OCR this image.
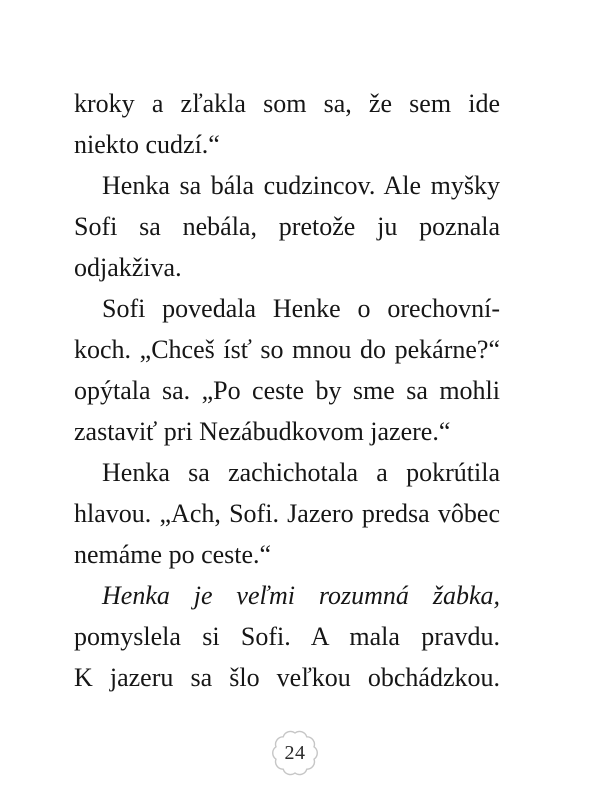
kroky a zľakla som sa, že sem ide
niekto cudzí.“
Henka sa bála cudzincov. Ale myšky
Sofi sa nebála, pretože ju poznala
odjakživa.
Sofi povedala Henke o orechovní-
koch. „Chceš ísť so mnou do pekárne?“
opýtala sa. „Po ceste by sme sa mohli
zastaviť pri Nezábudkovom jazere.“
Henka sa zachichotala a pokrútila
hlavou. „Ach, Sofi. Jazero predsa vôbec
nemáme po ceste.“
Henka je veľmi rozumná žabka,
pomyslela si Sofi. A mala pravdu.
K jazeru sa šlo veľkou obchádzkou.
24
